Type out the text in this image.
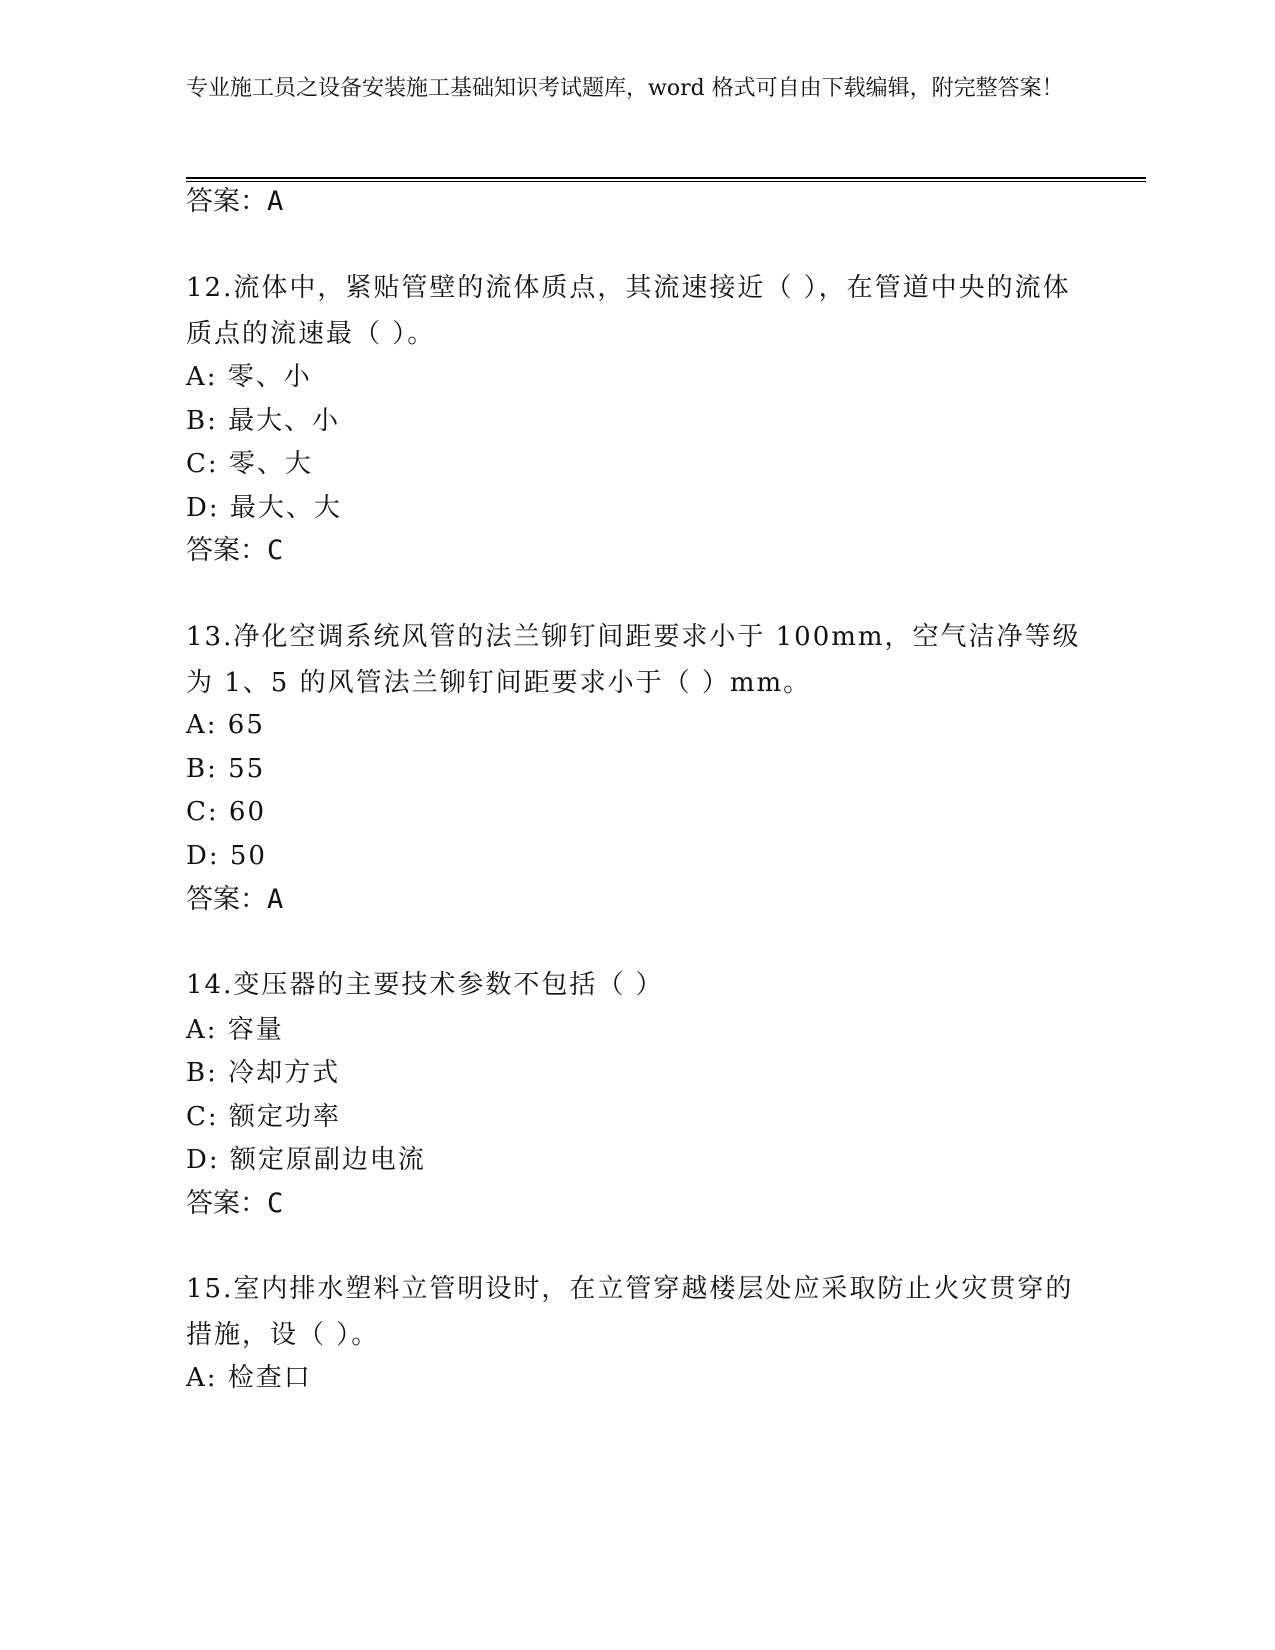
专业施工员之设备安装施工基础知识考试题库，word 格式可自由下载编辑，附完整答案！
答案：A
12.流体中，紧贴管壁的流体质点，其流速接近（ ），在管道中央的流体质点的流速最（ ）。
A: 零、小
B: 最大、小
C: 零、大
D: 最大、大
答案：C
13.净化空调系统风管的法兰铆钉间距要求小于 100mm，空气洁净等级为 1、5 的风管法兰铆钉间距要求小于（ ）mm。
A: 65
B: 55
C: 60
D: 50
答案：A
14.变压器的主要技术参数不包括（ ）
A: 容量
B: 冷却方式
C: 额定功率
D: 额定原副边电流
答案：C
15.室内排水塑料立管明设时，在立管穿越楼层处应采取防止火灾贯穿的措施，设（ ）。
A: 检查口
